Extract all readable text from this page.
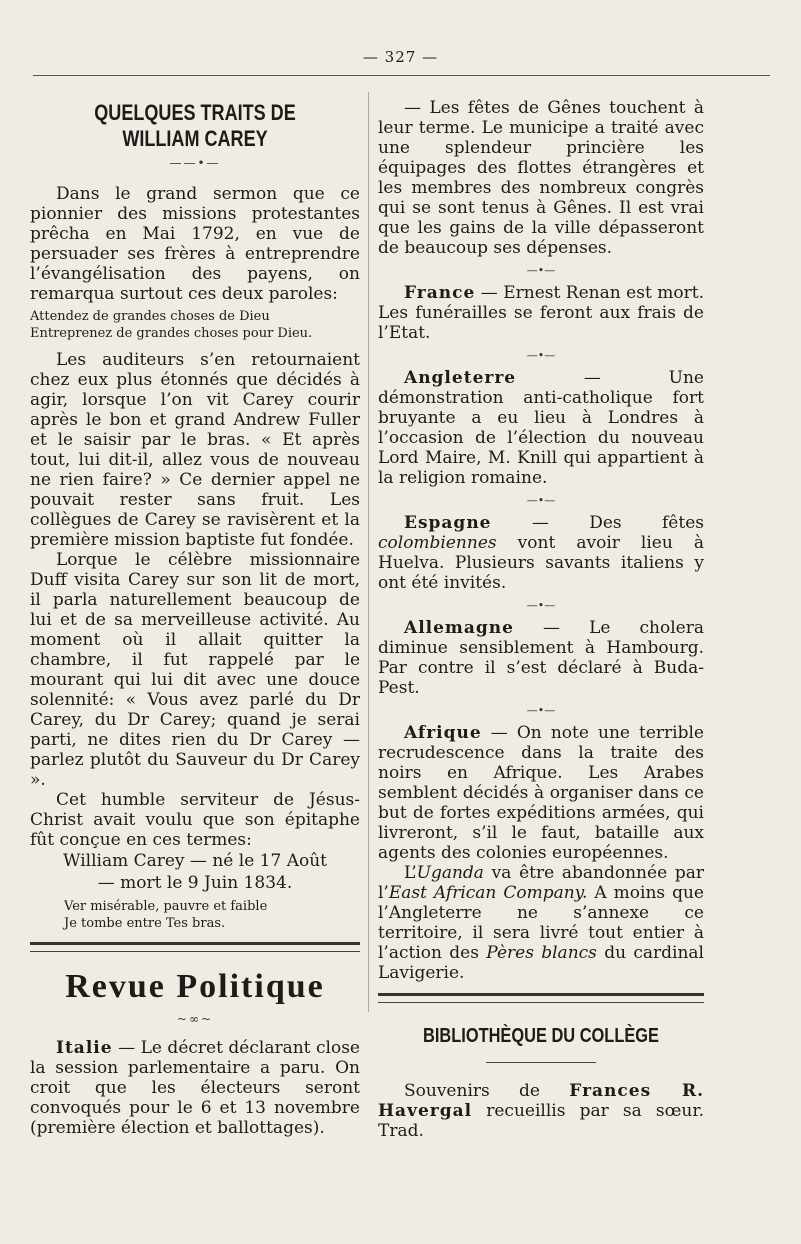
— 327 —
QUELQUES TRAITS DE WILLIAM CAREY
——•—

Dans le grand sermon que ce pionnier des missions protestantes prêcha en Mai 1792, en vue de persuader ses frères à entreprendre l’évangélisation des payens, on remarqua surtout ces deux paroles:

Attendez de grandes choses de Dieu

Entreprenez de grandes choses pour Dieu.

Les auditeurs s’en retournaient chez eux plus étonnés que décidés à agir, lorsque l’on vit Carey courir après le bon et grand Andrew Fuller et le saisir par le bras. « Et après tout, lui dit-il, allez vous de nouveau ne rien faire? » Ce dernier appel ne pouvait rester sans fruit. Les collègues de Carey se ravisèrent et la première mission baptiste fut fondée.

Lorque le célèbre missionnaire Duff visita Carey sur son lit de mort, il parla naturellement beaucoup de lui et de sa merveilleuse activité. Au moment où il allait quitter la chambre, il fut rappelé par le mourant qui lui dit avec une douce solennité: « Vous avez parlé du Dr Carey, du Dr Carey; quand je serai parti, ne dites rien du Dr Carey — parlez plutôt du Sauveur du Dr Carey ».

Cet humble serviteur de Jésus-Christ avait voulu que son épitaphe fût conçue en ces termes:

William Carey — né le 17 Août
— mort le 9 Juin 1834.

Ver misérable, pauvre et faible

Je tombe entre Tes bras.

Revue Politique
~∞~

Italie — Le décret déclarant close la session parlementaire a paru. On croit que les électeurs seront convoqués pour le 6 et 13 novembre (première élection et ballottages).

— Les fêtes de Gênes touchent à leur terme. Le municipe a traité avec une splendeur princière les équipages des flottes étrangères et les membres des nombreux congrès qui se sont tenus à Gênes. Il est vrai que les gains de la ville dépasseront de beaucoup ses dépenses.

—•—

France — Ernest Renan est mort. Les funérailles se feront aux frais de l’Etat.

—•—

Angleterre — Une démonstration anti-catholique fort bruyante a eu lieu à Londres à l’occasion de l’élection du nouveau Lord Maire, M. Knill qui appartient à la religion romaine.

—•—

Espagne — Des fêtes colombiennes vont avoir lieu à Huelva. Plusieurs savants italiens y ont été invités.

—•—

Allemagne — Le cholera diminue sensiblement à Hambourg. Par contre il s’est déclaré à Buda-Pest.

—•—

Afrique — On note une terrible recrudescence dans la traite des noirs en Afrique. Les Arabes semblent décidés à organiser dans ce but de fortes expéditions armées, qui livreront, s’il le faut, bataille aux agents des colonies européennes.

L’Uganda va être abandonnée par l’East African Company. A moins que l’Angleterre ne s’annexe ce territoire, il sera livré tout entier à l’action des Pères blancs du cardinal Lavigerie.

BIBLIOTHÈQUE DU COLLÈGE

Souvenirs de Frances R. Havergal recueillis par sa sœur. Trad.
